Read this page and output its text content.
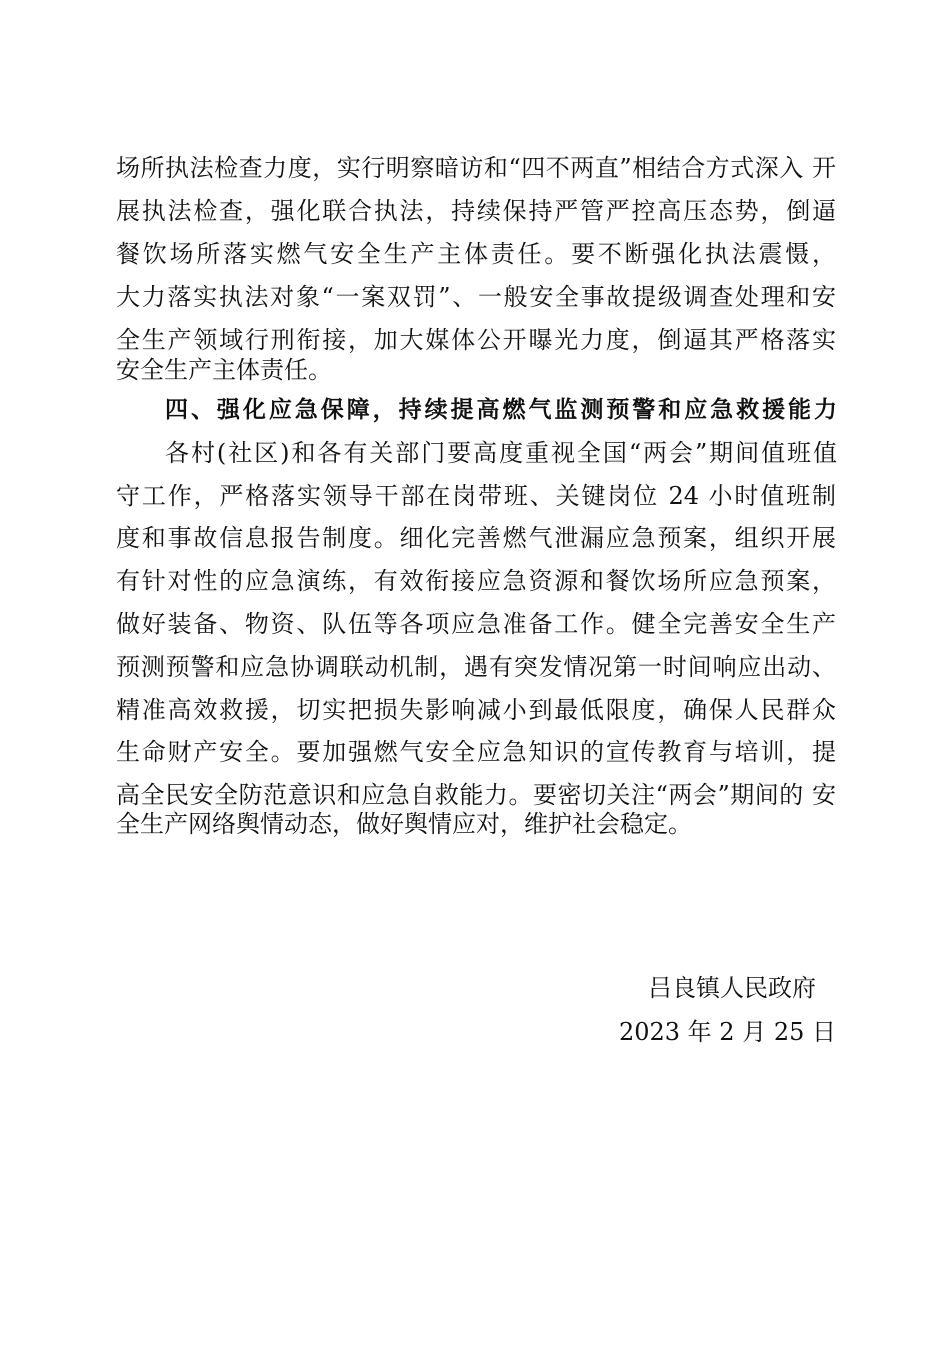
场所执法检查力度，实行明察暗访和“四不两直”相结合方式深入 开
展执法检查，强化联合执法，持续保持严管严控高压态势，倒逼
餐饮场所落实燃气安全生产主体责任。要不断强化执法震慑，
大力落实执法对象“一案双罚”、一般安全事故提级调查处理和安
全生产领域行刑衔接，加大媒体公开曝光力度，倒逼其严格落实
安全生产主体责任。
四、强化应急保障，持续提高燃气监测预警和应急救援能力
各村(社区)和各有关部门要高度重视全国“两会”期间值班值
守工作，严格落实领导干部在岗带班、关键岗位 24 小时值班制
度和事故信息报告制度。细化完善燃气泄漏应急预案，组织开展
有针对性的应急演练，有效衔接应急资源和餐饮场所应急预案，
做好装备、物资、队伍等各项应急准备工作。健全完善安全生产
预测预警和应急协调联动机制，遇有突发情况第一时间响应出动、
精准高效救援，切实把损失影响减小到最低限度，确保人民群众
生命财产安全。要加强燃气安全应急知识的宣传教育与培训，提
高全民安全防范意识和应急自救能力。要密切关注“两会”期间的 安
全生产网络舆情动态，做好舆情应对，维护社会稳定。
吕良镇人民政府
2023 年 2 月 25 日
